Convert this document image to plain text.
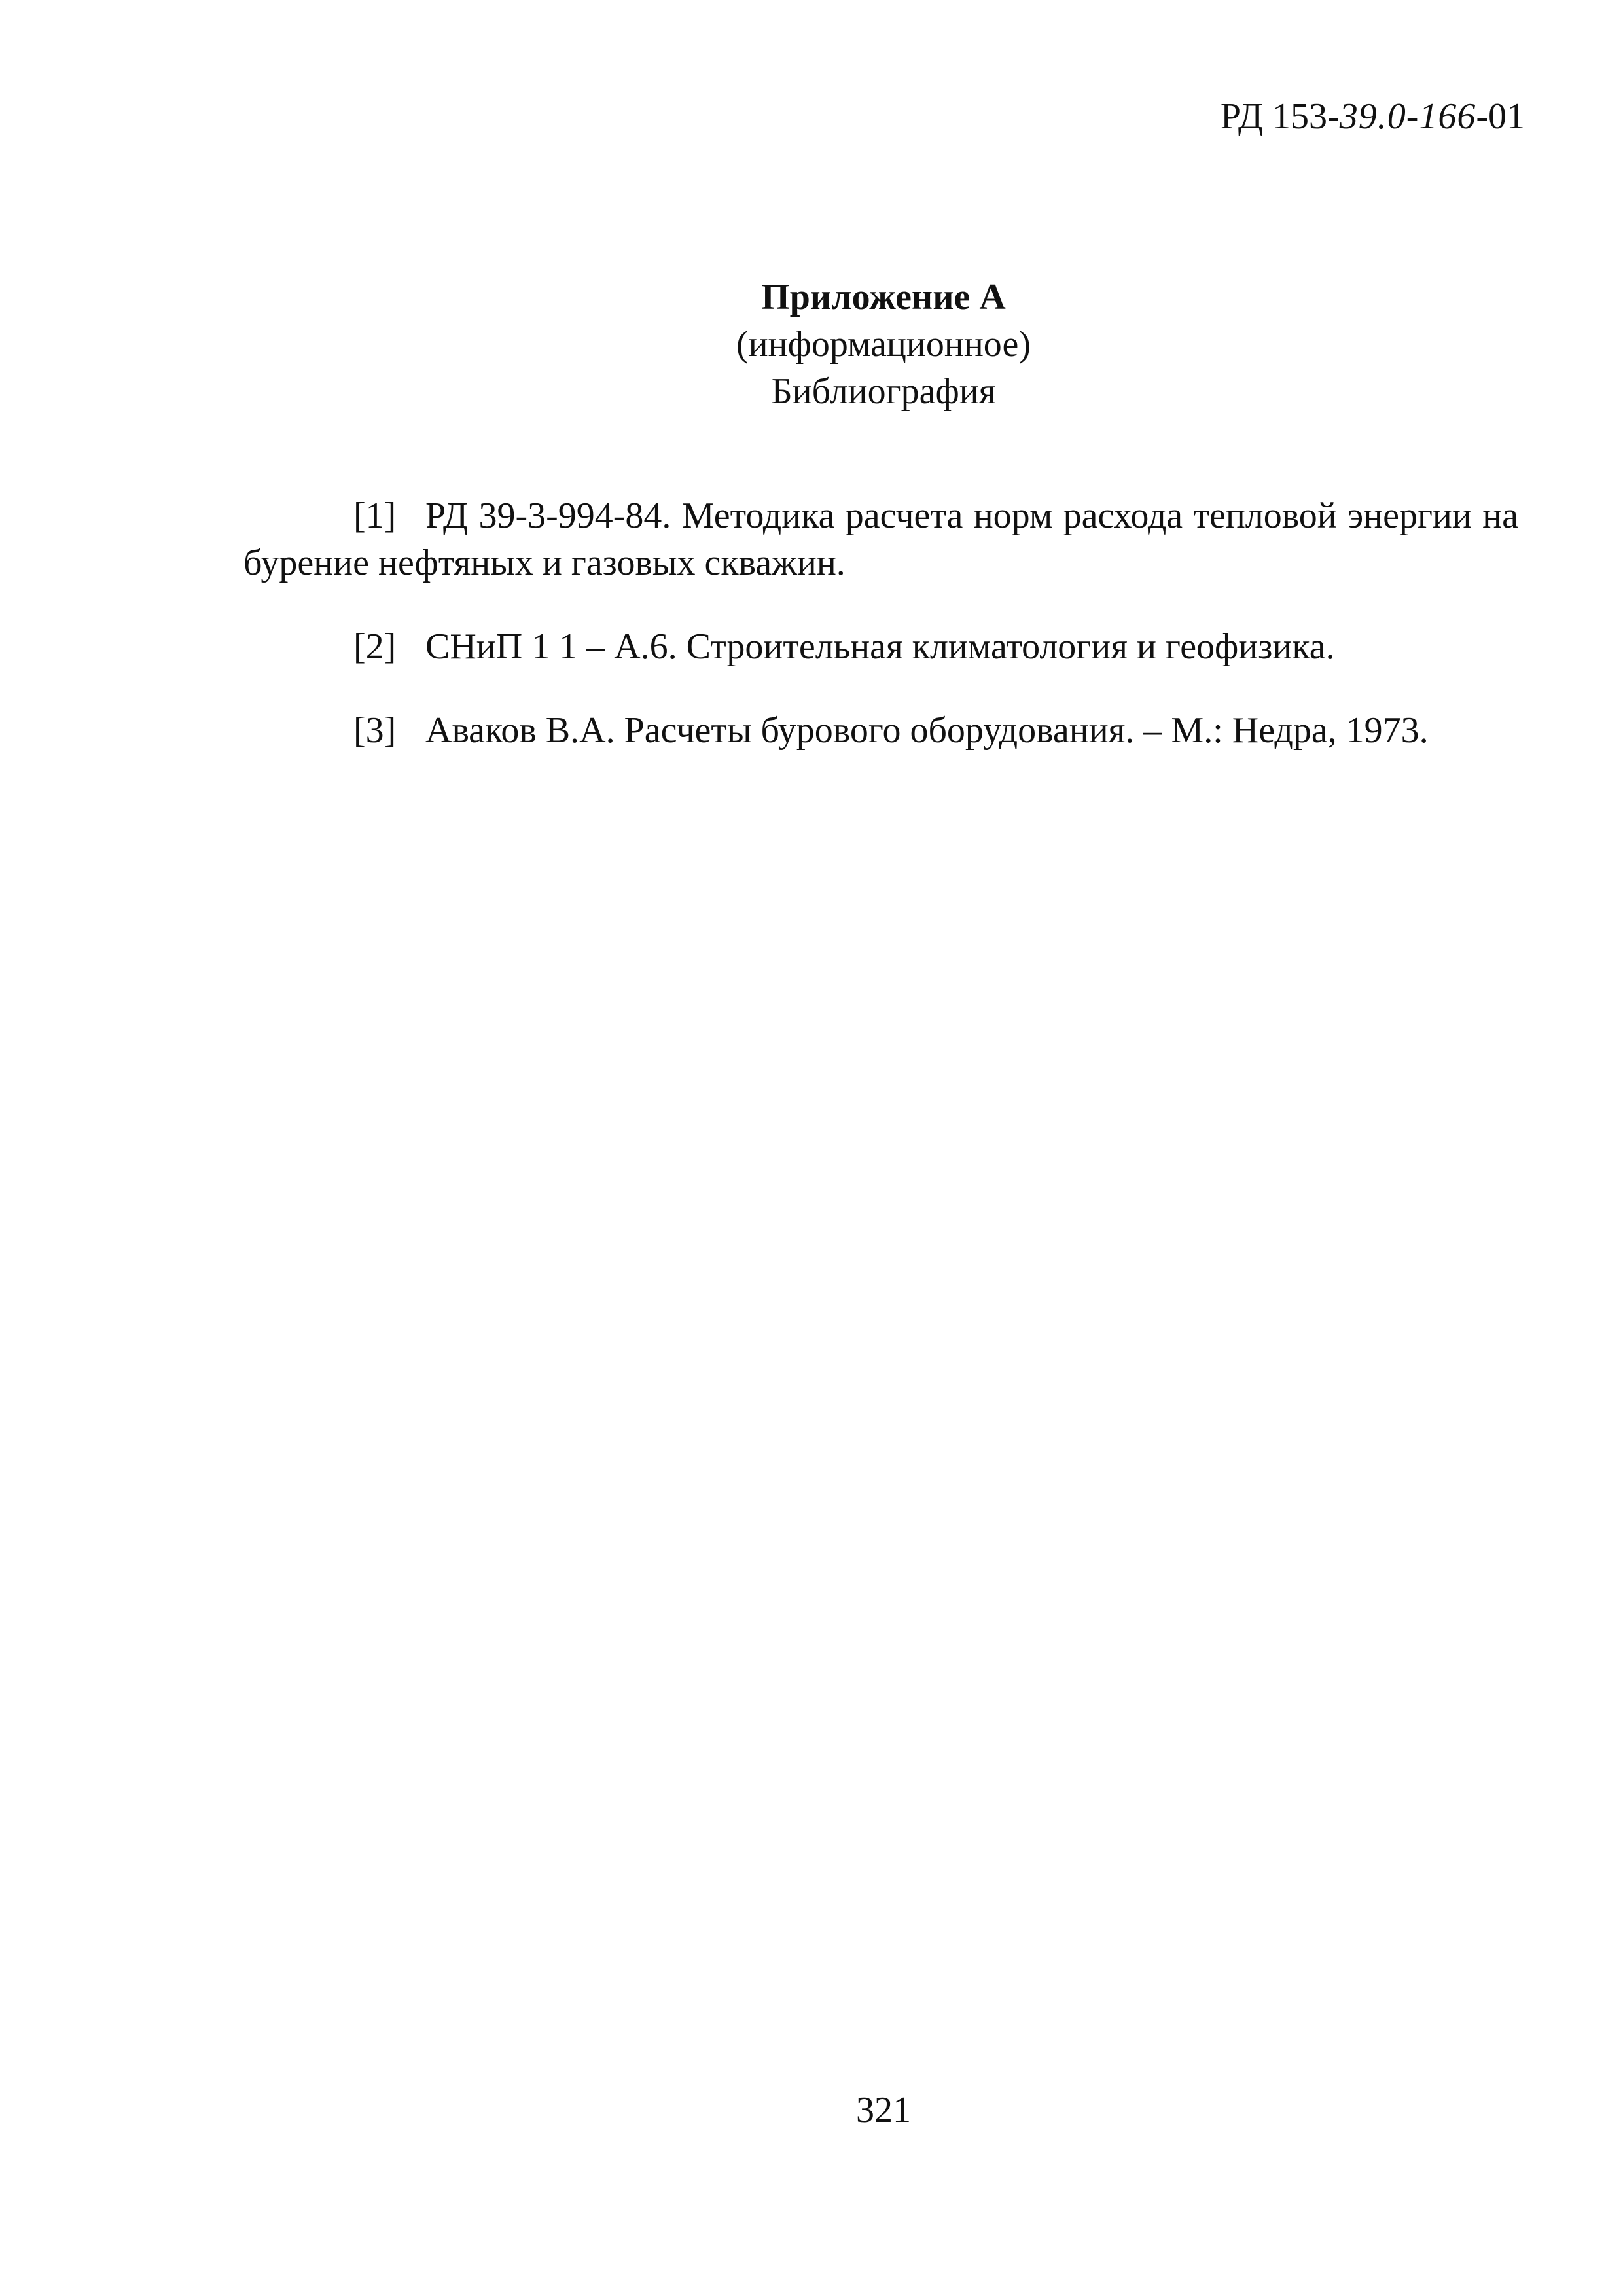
РД 153-39.0-166-01
Приложение А
(информационное)
Библиография
[1] РД 39-3-994-84. Методика расчета норм расхода тепловой энергии на бурение нефтяных и газовых скважин.
[2] СНиП 1 1 – А.6. Строительная климатология и геофизика.
[3] Аваков В.А. Расчеты бурового оборудования. – М.: Недра, 1973.
321
